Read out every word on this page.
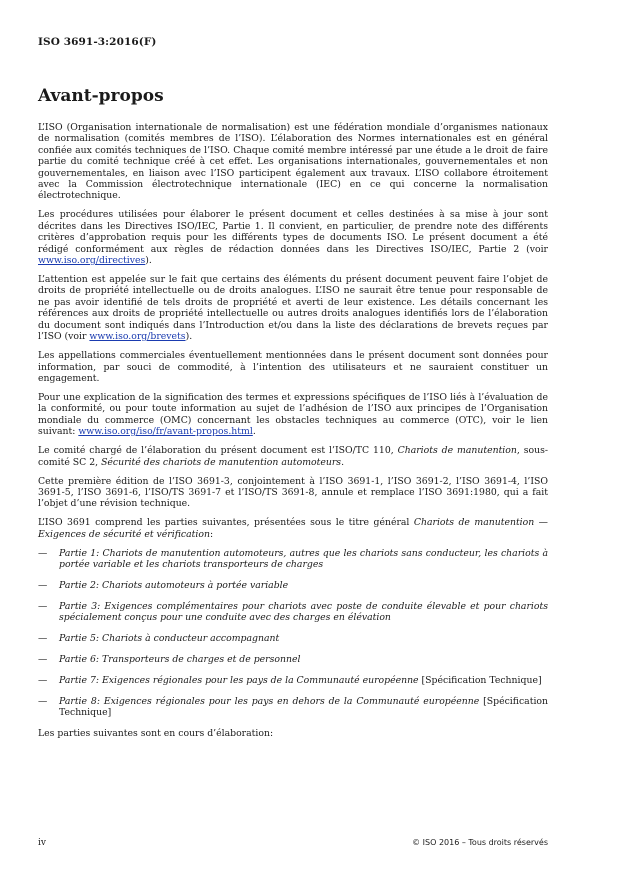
ISO 3691-3:2016(F)
Avant-propos

L’ISO (Organisation internationale de normalisation) est une fédération mondiale d’organismes nationaux de normalisation (comités membres de l’ISO). L’élaboration des Normes internationales est en général confiée aux comités techniques de l’ISO. Chaque comité membre intéressé par une étude a le droit de faire partie du comité technique créé à cet effet. Les organisations internationales, gouvernementales et non gouvernementales, en liaison avec l’ISO participent également aux travaux. L’ISO collabore étroitement avec la Commission électrotechnique internationale (IEC) en ce qui concerne la normalisation électrotechnique.

Les procédures utilisées pour élaborer le présent document et celles destinées à sa mise à jour sont décrites dans les Directives ISO/IEC, Partie 1. Il convient, en particulier, de prendre note des différents critères d’approbation requis pour les différents types de documents ISO. Le présent document a été rédigé conformément aux règles de rédaction données dans les Directives ISO/IEC, Partie 2 (voir www.iso.org/directives).

L’attention est appelée sur le fait que certains des éléments du présent document peuvent faire l’objet de droits de propriété intellectuelle ou de droits analogues. L’ISO ne saurait être tenue pour responsable de ne pas avoir identifié de tels droits de propriété et averti de leur existence. Les détails concernant les références aux droits de propriété intellectuelle ou autres droits analogues identifiés lors de l’élaboration du document sont indiqués dans l’Introduction et/ou dans la liste des déclarations de brevets reçues par l’ISO (voir www.iso.org/brevets).

Les appellations commerciales éventuellement mentionnées dans le présent document sont données pour information, par souci de commodité, à l’intention des utilisateurs et ne sauraient constituer un engagement.

Pour une explication de la signification des termes et expressions spécifiques de l’ISO liés à l’évaluation de la conformité, ou pour toute information au sujet de l’adhésion de l’ISO aux principes de l’Organisation mondiale du commerce (OMC) concernant les obstacles techniques au commerce (OTC), voir le lien suivant: www.iso.org/iso/fr/avant-propos.html.

Le comité chargé de l’élaboration du présent document est l’ISO/TC 110, Chariots de manutention, sous-comité SC 2, Sécurité des chariots de manutention automoteurs.

Cette première édition de l’ISO 3691-3, conjointement à l’ISO 3691-1, l’ISO 3691-2, l’ISO 3691-4, l’ISO 3691-5, l’ISO 3691-6, l’ISO/TS 3691-7 et l’ISO/TS 3691-8, annule et remplace l’ISO 3691:1980, qui a fait l’objet d’une révision technique.

L’ISO 3691 comprend les parties suivantes, présentées sous le titre général Chariots de manutention — Exigences de sécurité et vérification:

— Partie 1: Chariots de manutention automoteurs, autres que les chariots sans conducteur, les chariots à portée variable et les chariots transporteurs de charges
— Partie 2: Chariots automoteurs à portée variable
— Partie 3: Exigences complémentaires pour chariots avec poste de conduite élevable et pour chariots spécialement conçus pour une conduite avec des charges en élévation
— Partie 5: Chariots à conducteur accompagnant
— Partie 6: Transporteurs de charges et de personnel
— Partie 7: Exigences régionales pour les pays de la Communauté européenne [Spécification Technique]
— Partie 8: Exigences régionales pour les pays en dehors de la Communauté européenne [Spécification Technique]

Les parties suivantes sont en cours d’élaboration:

iv	© ISO 2016 – Tous droits réservés
